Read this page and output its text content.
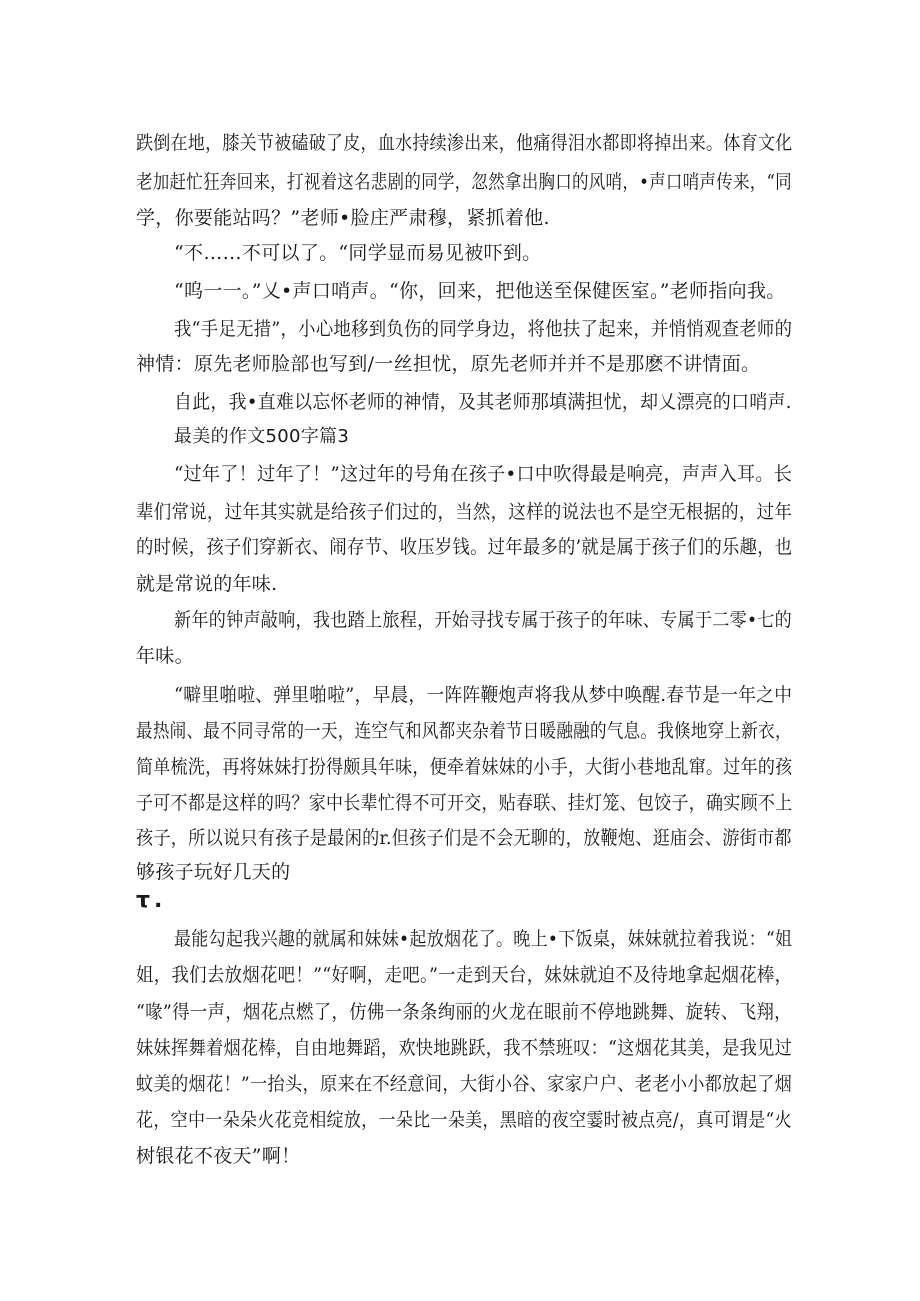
跌倒在地，膝关节被磕破了皮，血水持续渗出来，他痛得泪水都即将掉出来。体育文化
老加赶忙狂奔回来，打视着这名悲剧的同学，忽然拿出胸口的风哨，•声口哨声传来，“同
学，你要能站吗？”老师•脸庄严肃穆，紧抓着他.
“不……不可以了。“同学显而易见被吓到。
“呜一一。”乂•声口哨声。“你，回来，把他送至保健医室。”老师指向我。
我“手足无措”，小心地移到负伤的同学身边，将他扶了起来，并悄悄观查老师的
神情：原先老师脸部也写到/一丝担忧，原先老师并并不是那麽不讲情面。
自此，我•直难以忘怀老师的神情，及其老师那填满担忧，却乂漂亮的口哨声.
最美的作文500字篇3
“过年了！过年了！”这过年的号角在孩子•口中吹得最是响亮，声声入耳。长
辈们常说，过年其实就是给孩子们过的，当然，这样的说法也不是空无根据的，过年
的时候，孩子们穿新衣、闹存节、收压岁钱。过年最多的’就是属于孩子们的乐趣，也
就是常说的年味.
新年的钟声敲响，我也踏上旅程，开始寻找专属于孩子的年味、专属于二零•七的
年味。
“噼里啪啦、弹里啪啦”，早晨，一阵阵鞭炮声将我从梦中唤醒.春节是一年之中
最热闹、最不同寻常的一天，连空气和风都夹杂着节日暖融融的气息。我倏地穿上新衣，
简单梳洗，再将妹妹打扮得颇具年味，便牵着妹妹的小手，大街小巷地乱窜。过年的孩
子可不都是这样的吗？家中长辈忙得不可开交，贴春联、挂灯笼、包饺子，确实顾不上
孩子，所以说只有孩子是最闲的r.但孩子们是不会无聊的，放鞭炮、逛庙会、游街市都
够孩子玩好几天的
τ.
最能勾起我兴趣的就属和妹妹•起放烟花了。晚上•下饭桌，妹妹就拉着我说：“姐
姐，我们去放烟花吧！”“好啊，走吧。”一走到天台，妹妹就迫不及待地拿起烟花棒，
“喙”得一声，烟花点燃了，仿佛一条条绚丽的火龙在眼前不停地跳舞、旋转、飞翔，
妹妹挥舞着烟花棒，自由地舞蹈，欢快地跳跃，我不禁班叹：“这烟花其美，是我见过
蚊美的烟花！”一抬头，原来在不经意间，大街小谷、家家户户、老老小小都放起了烟
花，空中一朵朵火花竞相绽放，一朵比一朵美，黑暗的夜空霎时被点亮/，真可谓是“火
树银花不夜天”啊！
